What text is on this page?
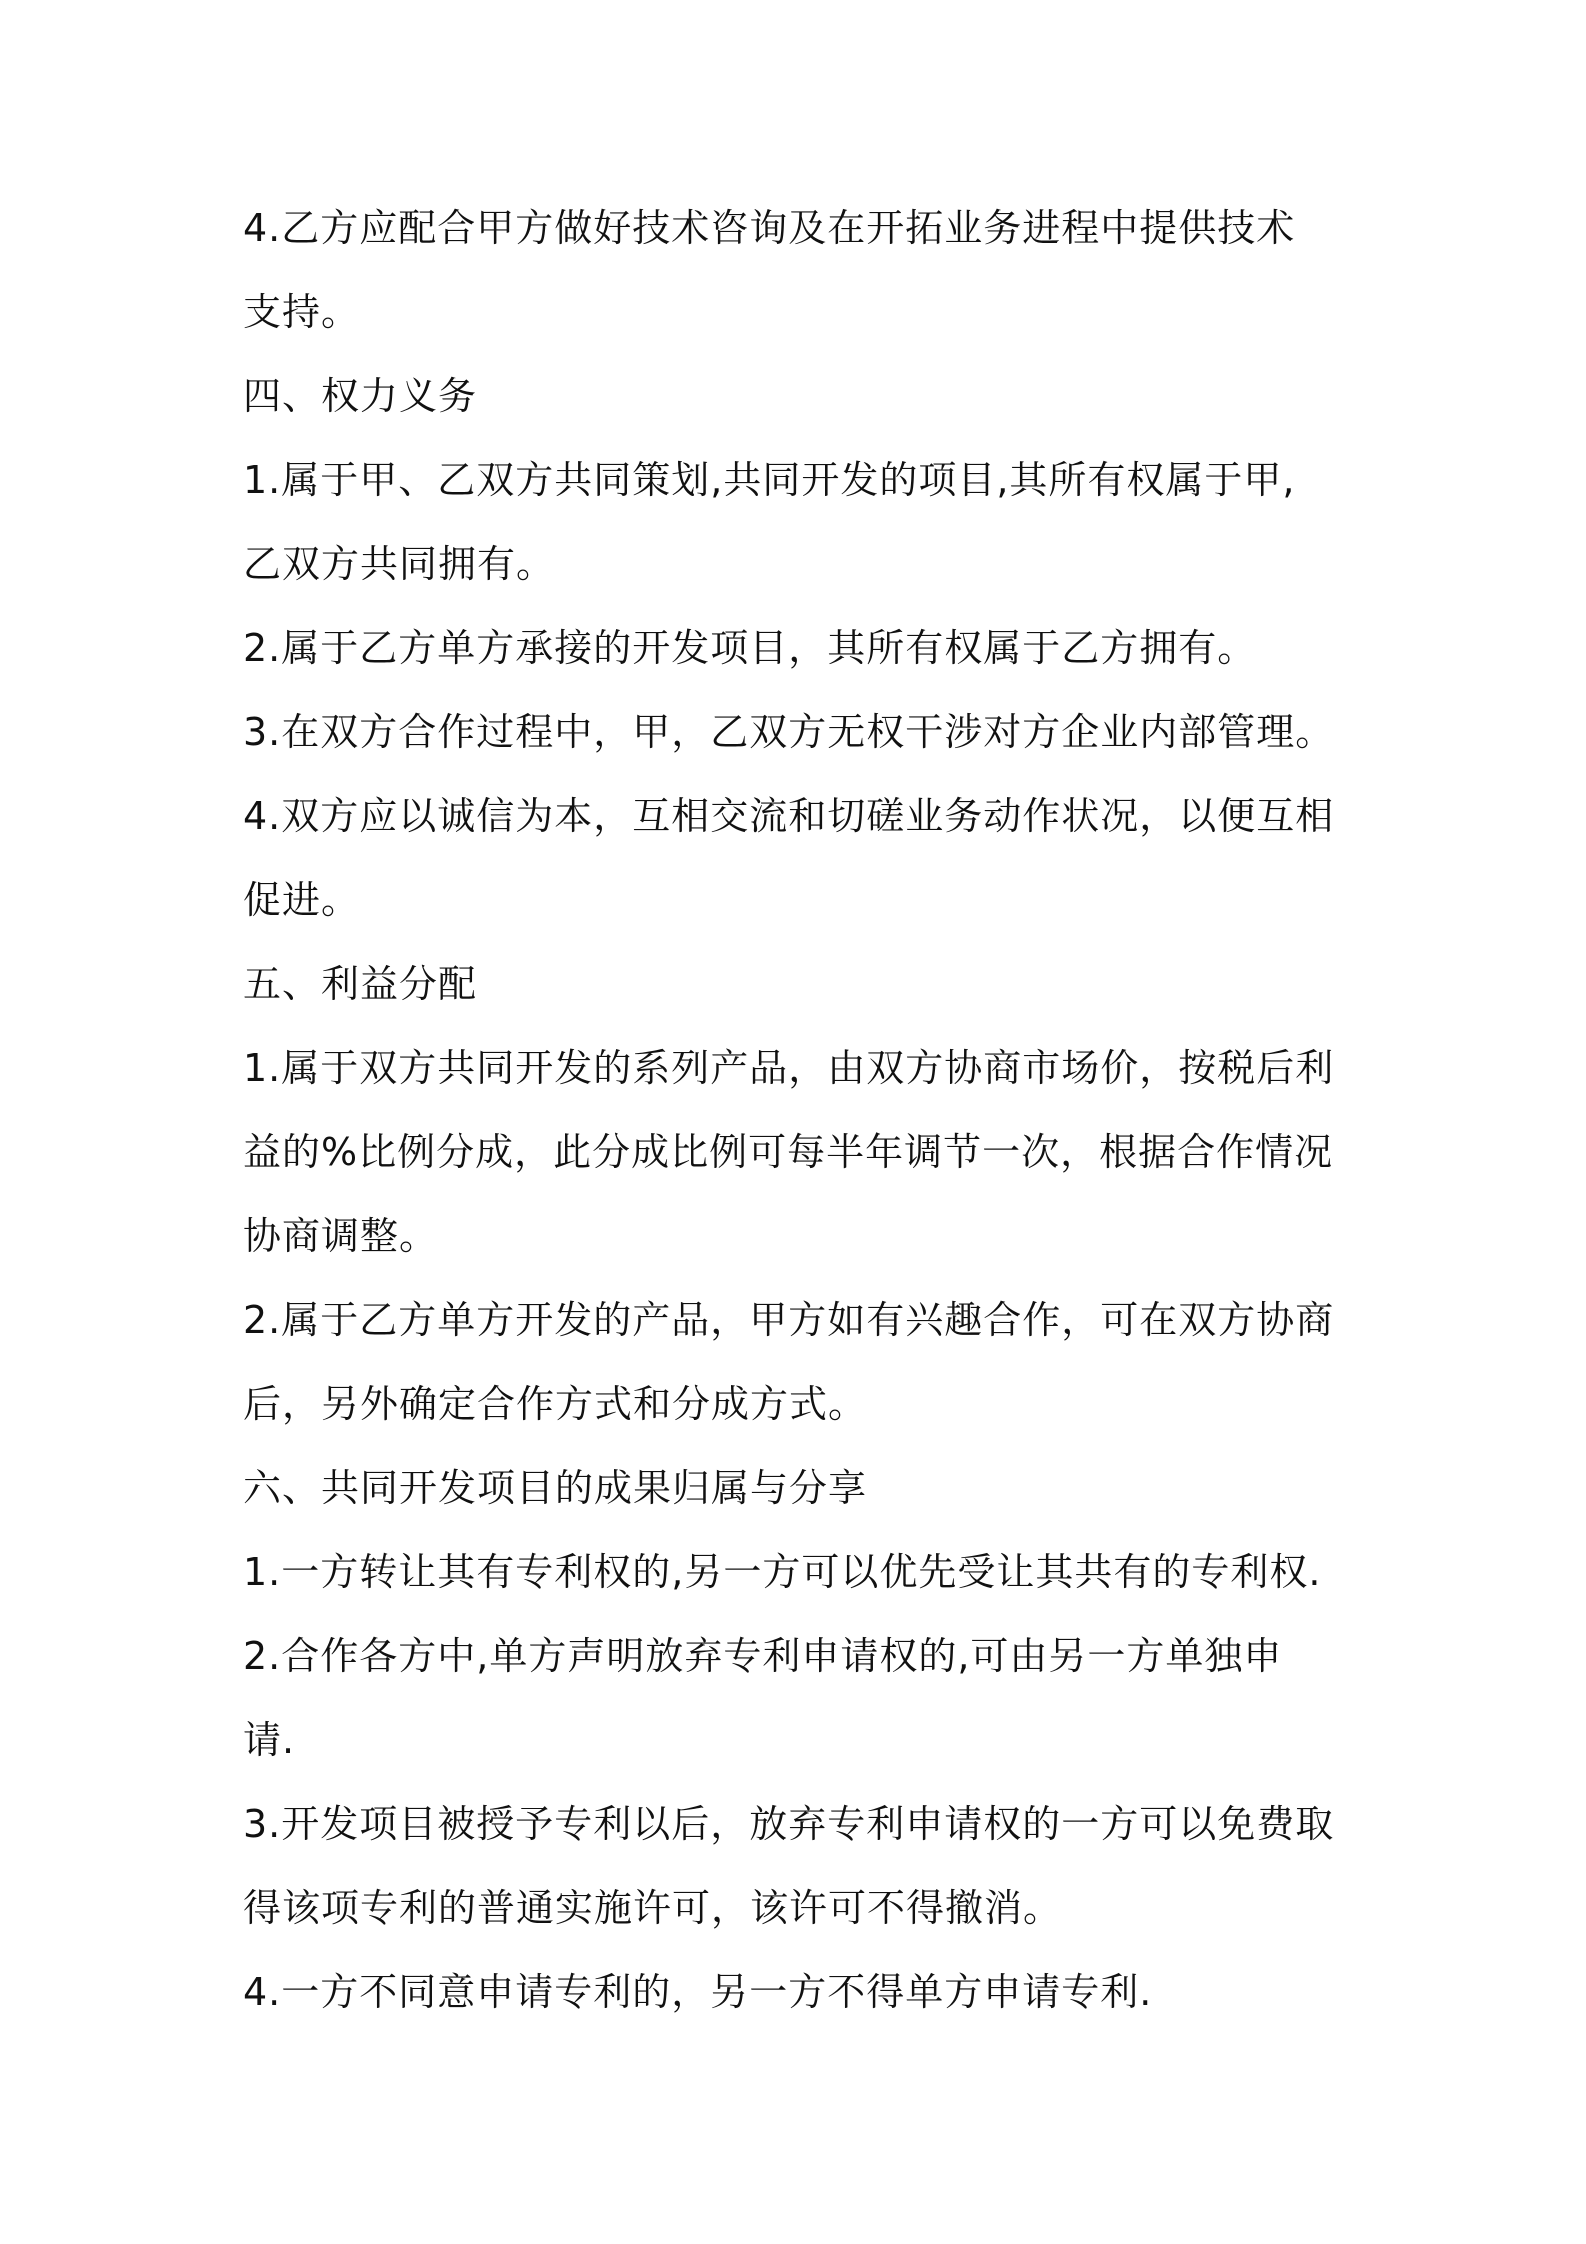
4.乙方应配合甲方做好技术咨询及在开拓业务进程中提供技术
支持。
四、权力义务
1.属于甲、乙双方共同策划,共同开发的项目,其所有权属于甲,
乙双方共同拥有。
2.属于乙方单方承接的开发项目，其所有权属于乙方拥有。
3.在双方合作过程中，甲，乙双方无权干涉对方企业内部管理。
4.双方应以诚信为本，互相交流和切磋业务动作状况，以便互相
促进。
五、利益分配
1.属于双方共同开发的系列产品，由双方协商市场价，按税后利
益的%比例分成，此分成比例可每半年调节一次，根据合作情况
协商调整。
2.属于乙方单方开发的产品，甲方如有兴趣合作，可在双方协商
后，另外确定合作方式和分成方式。
六、共同开发项目的成果归属与分享
1.一方转让其有专利权的,另一方可以优先受让其共有的专利权.
2.合作各方中,单方声明放弃专利申请权的,可由另一方单独申
请.
3.开发项目被授予专利以后，放弃专利申请权的一方可以免费取
得该项专利的普通实施许可，该许可不得撤消。
4.一方不同意申请专利的，另一方不得单方申请专利.
